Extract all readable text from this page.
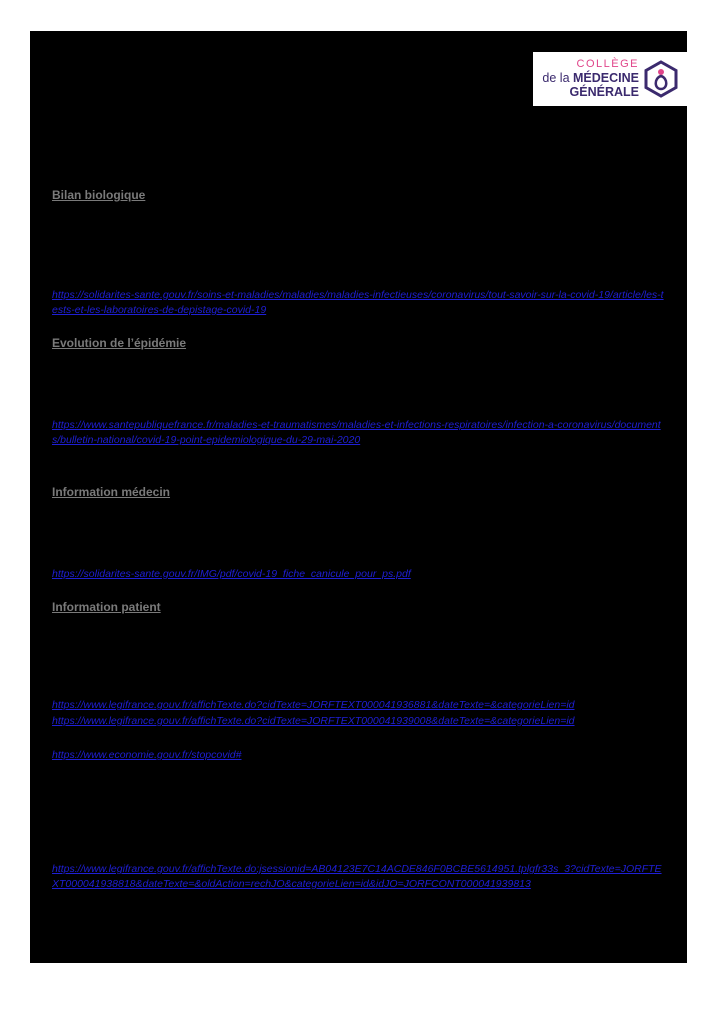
COLLÈGE
de la MÉDECINE
GÉNÉRALE
Bilan biologique
https://solidarites-sante.gouv.fr/soins-et-maladies/maladies/maladies-infectieuses/coronavirus/tout-savoir-sur-la-covid-19/article/les-tests-et-les-laboratoires-de-depistage-covid-19
Evolution de l’épidémie
https://www.santepubliquefrance.fr/maladies-et-traumatismes/maladies-et-infections-respiratoires/infection-a-coronavirus/documents/bulletin-national/covid-19-point-epidemiologique-du-29-mai-2020
Information médecin
https://solidarites-sante.gouv.fr/IMG/pdf/covid-19_fiche_canicule_pour_ps.pdf
Information patient
https://www.legifrance.gouv.fr/affichTexte.do?cidTexte=JORFTEXT000041936881&dateTexte=&categorieLien=id
https://www.legifrance.gouv.fr/affichTexte.do?cidTexte=JORFTEXT000041939008&dateTexte=&categorieLien=id
https://www.economie.gouv.fr/stopcovid#
https://www.legifrance.gouv.fr/affichTexte.do;jsessionid=AB04123E7C14ACDE846F0BCBE5614951.tplgfr33s_3?cidTexte=JORFTEXT000041938818&dateTexte=&oldAction=rechJO&categorieLien=id&idJO=JORFCONT000041939813
